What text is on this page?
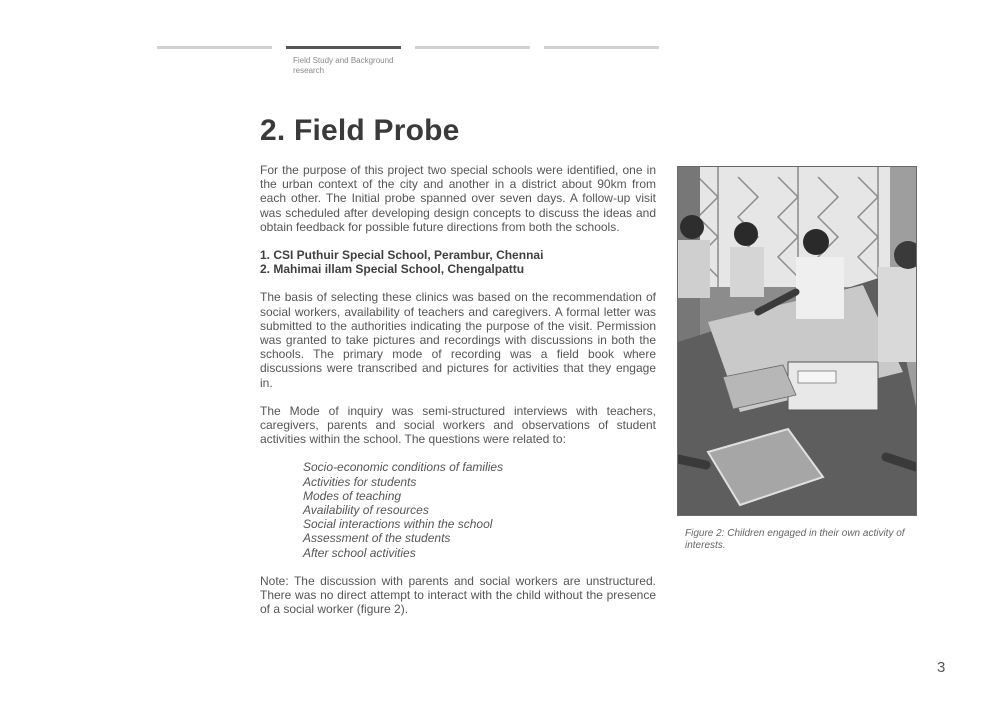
Field Study and Background research
2. Field Probe

For the purpose of this project two special schools were identified, one in the urban context of the city and another in a district about 90km from each other. The Initial probe spanned over seven days. A follow-up visit was scheduled after developing design concepts to discuss the ideas and obtain feedback for possible future directions from both the schools.

1. CSI Puthuir Special School, Perambur, Chennai
2. Mahimai illam Special School, Chengalpattu

The basis of selecting these clinics was based on the recommendation of social workers, availability of teachers and caregivers. A formal letter was submitted to the authorities indicating the purpose of the visit. Permission was granted to take pictures and recordings with discussions in both the schools. The primary mode of recording was a field book where discussions were transcribed and pictures for activities that they engage in.

The Mode of inquiry was semi-structured interviews with teachers, caregivers, parents and social workers and observations of student activities within the school. The questions were related to:

Socio-economic conditions of families
Activities for students
Modes of teaching
Availability of resources
Social interactions within the school
Assessment of the students
After school activities

Note: The discussion with parents and social workers are unstructured. There was no direct attempt to interact with the child without the presence of a social worker (figure 2).

Figure 2: Children engaged in their own activity of interests.
3
